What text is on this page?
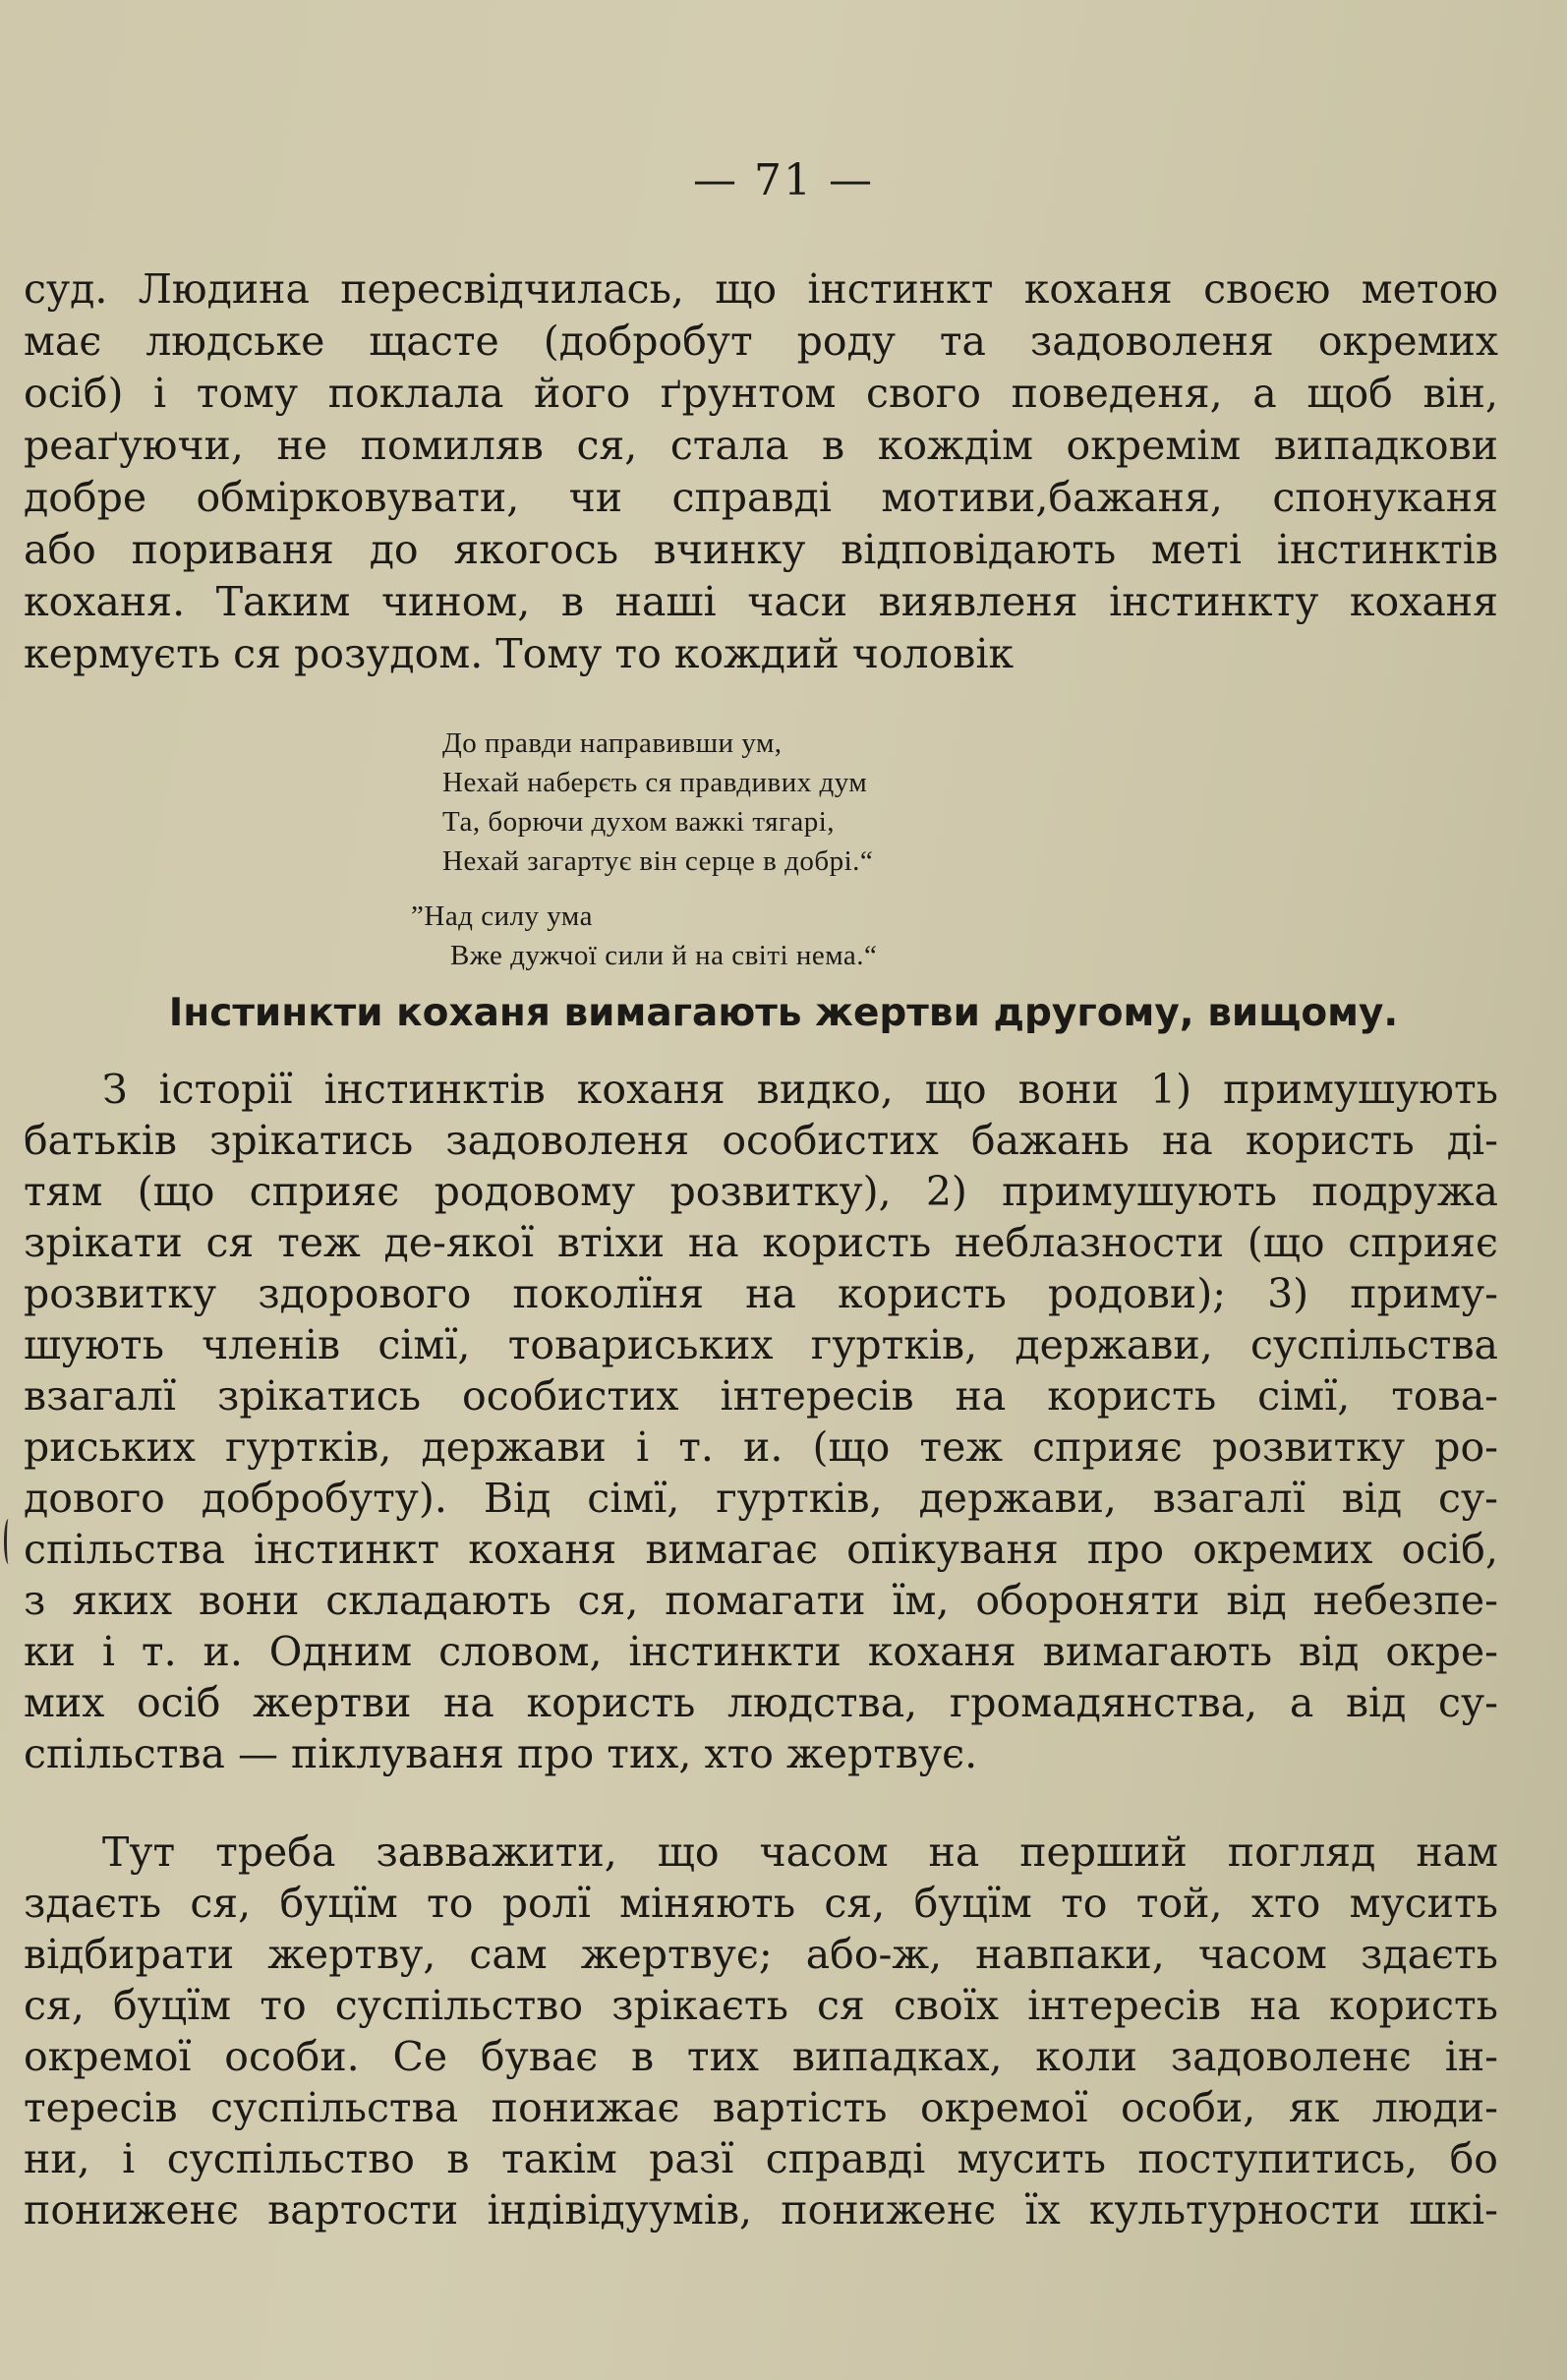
— 71 —
суд. Людина пересвідчилась, що інстинкт коханя своєю метою
має людське щасте (добробут роду та задоволеня окремих
осіб) і тому поклала його ґрунтом свого поведеня, а щоб він,
реаґуючи, не помиляв ся, стала в кождім окремім випадкови
добре обмірковувати, чи справді мотиви,бажаня, спонуканя
або пориваня до якогось вчинку відповідають меті інстинктів
коханя. Таким чином, в наші часи виявленя інстинкту коханя
кермуєть ся розудом. Тому то кождий чоловік
До правди направивши ум,
Нехай наберєть ся правдивих дум
Та, борючи духом важкі тягарі,
Нехай загартує він серце в добрі.“
”Над силу ума
Вже дужчої сили й на світі нема.“
Інстинкти коханя вимагають жертви другому, вищому.
З історії інстинктів коханя видко, що вони 1) примушують
батьків зрікатись задоволеня особистих бажань на користь ді-
тям (що сприяє родовому розвитку), 2) примушують подружа
зрікати ся теж де-якої втіхи на користь неблазности (що сприяє
розвитку здорового поколїня на користь родови); 3) приму-
шують членів сімї, товариських гуртків, держави, суспільства
взагалї зрікатись особистих інтересів на користь сімї, това-
риських гуртків, держави і т. и. (що теж сприяє розвитку ро-
дового добробуту). Від сімї, гуртків, держави, взагалї від су-
спільства інстинкт коханя вимагає опікуваня про окремих осіб,
з яких вони складають ся, помагати їм, обороняти від небезпе-
ки і т. и. Одним словом, інстинкти коханя вимагають від окре-
мих осіб жертви на користь людства, громадянства, а від су-
спільства — піклуваня про тих, хто жертвує.
Тут треба завважити, що часом на перший погляд нам
здаєть ся, буцїм то ролї міняють ся, буцїм то той, хто мусить
відбирати жертву, сам жертвує; або-ж, навпаки, часом здаєть
ся, буцїм то суспільство зрікаєть ся своїх інтересів на користь
окремої особи. Се буває в тих випадках, коли задоволенє ін-
тересів суспільства понижає вартість окремої особи, як люди-
ни, і суспільство в такім разї справді мусить поступитись, бо
пониженє вартости індівідуумів, пониженє їх культурности шкі-
